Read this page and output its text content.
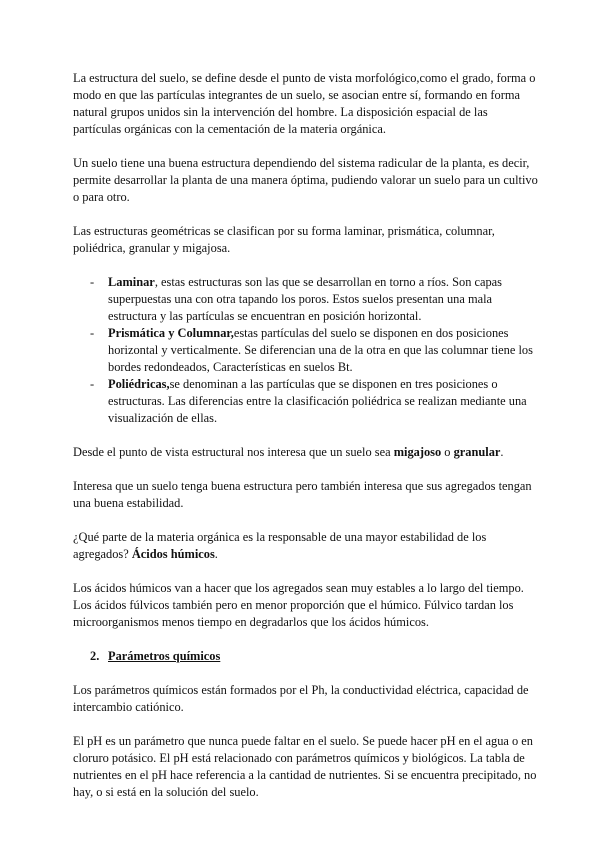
La estructura del suelo, se define desde el punto de vista morfológico,como el grado, forma o modo en que las partículas integrantes de un suelo, se asocian entre sí, formando en forma natural grupos unidos sin la intervención del hombre. La disposición espacial de las partículas orgánicas con la cementación de la materia orgánica.

Un suelo tiene una buena estructura dependiendo del sistema radicular de la planta, es decir, permite desarrollar la planta de una manera óptima, pudiendo valorar un suelo para un cultivo o para otro.

Las estructuras geométricas se clasifican por su forma laminar, prismática, columnar, poliédrica, granular y migajosa.

- Laminar, estas estructuras son las que se desarrollan en torno a ríos. Son capas superpuestas una con otra tapando los poros. Estos suelos presentan una mala estructura y las partículas se encuentran en posición horizontal.
- Prismática y Columnar,estas partículas del suelo se disponen en dos posiciones horizontal y verticalmente. Se diferencian una de la otra en que las columnar tiene los bordes redondeados, Características en suelos Bt.
- Poliédricas,se denominan a las partículas que se disponen en tres posiciones o estructuras. Las diferencias entre la clasificación poliédrica se realizan mediante una visualización de ellas.

Desde el punto de vista estructural nos interesa que un suelo sea migajoso o granular.

Interesa que un suelo tenga buena estructura pero también interesa que sus agregados tengan una buena estabilidad.

¿Qué parte de la materia orgánica es la responsable de una mayor estabilidad de los agregados? Ácidos húmicos.

Los ácidos húmicos van a hacer que los agregados sean muy estables a lo largo del tiempo. Los ácidos fúlvicos también pero en menor proporción que el húmico. Fúlvico tardan los microorganismos menos tiempo en degradarlos que los ácidos húmicos.

2. Parámetros químicos

Los parámetros químicos están formados por el Ph, la conductividad eléctrica, capacidad de intercambio catiónico.

El pH es un parámetro que nunca puede faltar en el suelo. Se puede hacer pH en el agua o en cloruro potásico. El pH está relacionado con parámetros químicos y biológicos. La tabla de nutrientes en el pH hace referencia a la cantidad de nutrientes. Si se encuentra precipitado, no hay, o si está en la solución del suelo.
